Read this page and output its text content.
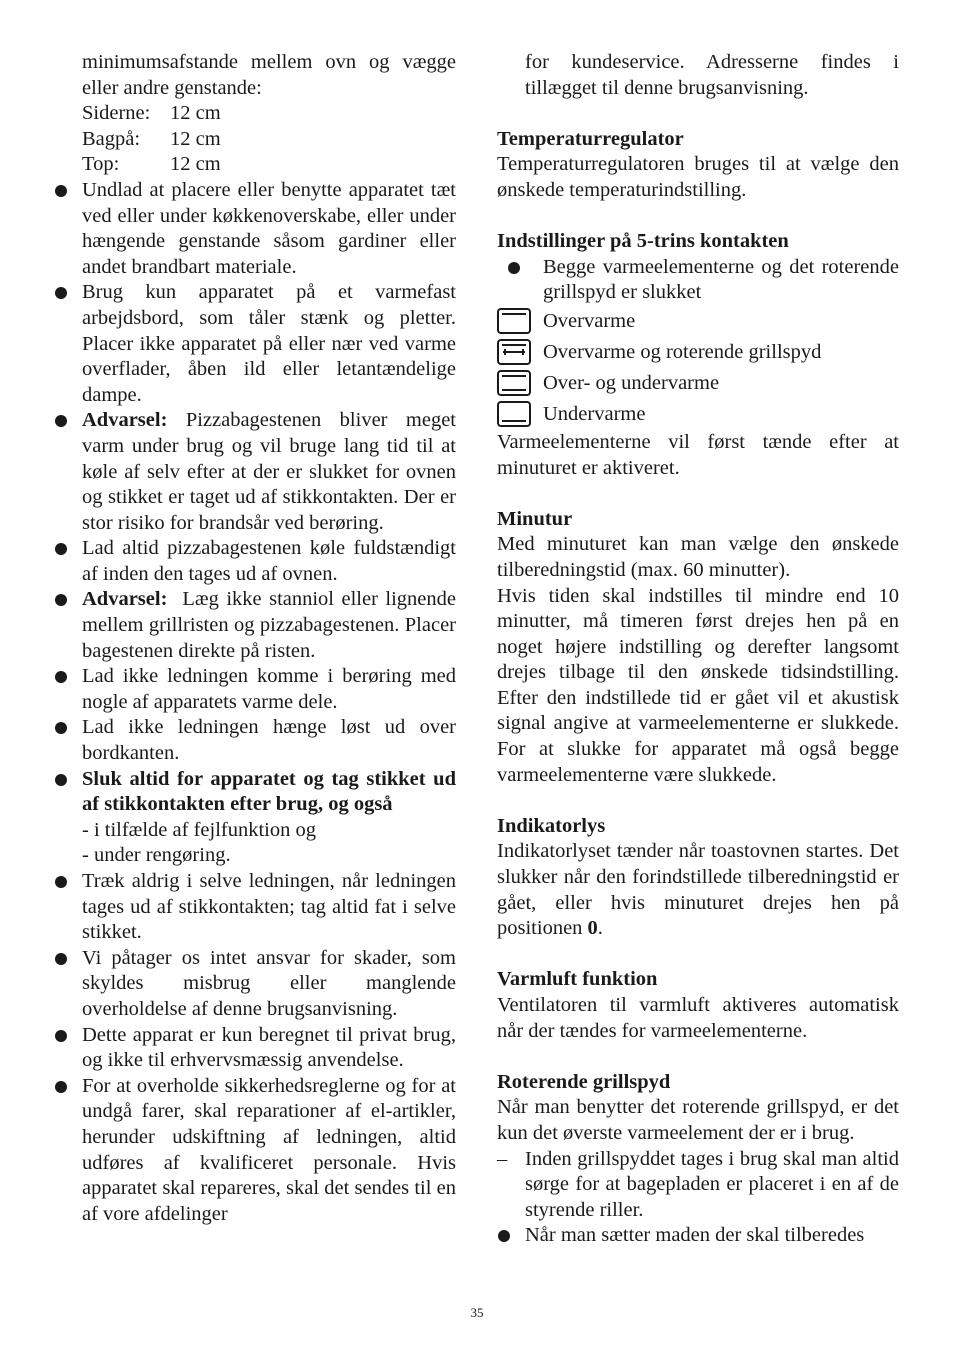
minimumsafstande mellem ovn og vægge eller andre genstande:

Siderne: 12 cm
Bagpå:	12 cm
Top:	12 cm

Undlad at placere eller benytte apparatet tæt ved eller under køkkenoverskabe, eller under hængende genstande såsom gardiner eller andet brandbart materiale.

Brug kun apparatet på et varmefast arbejdsbord, som tåler stænk og pletter. Placer ikke apparatet på eller nær ved varme overflader, åben ild eller letantændelige dampe.

Advarsel: Pizzabagestenen bliver meget varm under brug og vil bruge lang tid til at køle af selv efter at der er slukket for ovnen og stikket er taget ud af stikkontakten. Der er stor risiko for brandsår ved berøring.

Lad altid pizzabagestenen køle fuldstændigt af inden den tages ud af ovnen.

Advarsel:  Læg ikke stanniol eller lignende mellem grillristen og pizzabagestenen. Placer bagestenen direkte på risten.

Lad ikke ledningen komme i berøring med nogle af apparatets varme dele.

Lad ikke ledningen hænge løst ud over bordkanten.

Sluk altid for apparatet og tag stikket ud af stikkontakten efter brug, og også

- i tilfælde af fejlfunktion og

- under rengøring.

Træk aldrig i selve ledningen, når ledningen tages ud af stikkontakten; tag altid fat i selve stikket.

Vi påtager os intet ansvar for skader, som skyldes misbrug eller manglende overholdelse af denne brugsanvisning.

Dette apparat er kun beregnet til privat brug, og ikke til erhvervsmæssig anvendelse.

For at overholde sikkerhedsreglerne og for at undgå farer, skal reparationer af el-artikler, herunder udskiftning af ledningen, altid udføres af kvalificeret personale. Hvis apparatet skal repareres, skal det sendes til en af vore afdelinger

for kundeservice. Adresserne findes i tillægget til denne brugsanvisning.

Temperaturregulator

Temperaturregulatoren bruges til at vælge den ønskede temperaturindstilling.

Indstillinger på 5-trins kontakten

Begge varmeelementerne og det roterende grillspyd er slukket

Overvarme
Overvarme og roterende grillspyd
Over- og undervarme
Undervarme

Varmeelementerne vil først tænde efter at minuturet er aktiveret.

Minutur

Med minuturet kan man vælge den ønskede tilberedningstid (max. 60 minutter).

Hvis tiden skal indstilles til mindre end 10 minutter, må timeren først drejes hen på en noget højere indstilling og derefter langsomt drejes tilbage til den ønskede tidsindstilling. Efter den indstillede tid er gået vil et akustisk signal angive at varmeelementerne er slukkede. For at slukke for apparatet må også begge varmeelementerne være slukkede.

Indikatorlys

Indikatorlyset tænder når toastovnen startes. Det slukker når den forindstillede tilberedningstid er gået, eller hvis minuturet drejes hen på positionen 0.

Varmluft funktion

Ventilatoren til varmluft aktiveres automatisk når der tændes for varmeelementerne.

Roterende grillspyd

Når man benytter det roterende grillspyd, er det kun det øverste varmeelement der er i brug.

– Inden grillspyddet tages i brug skal man altid sørge for at bagepladen er placeret i en af de styrende riller.

Når man sætter maden der skal tilberedes

35
